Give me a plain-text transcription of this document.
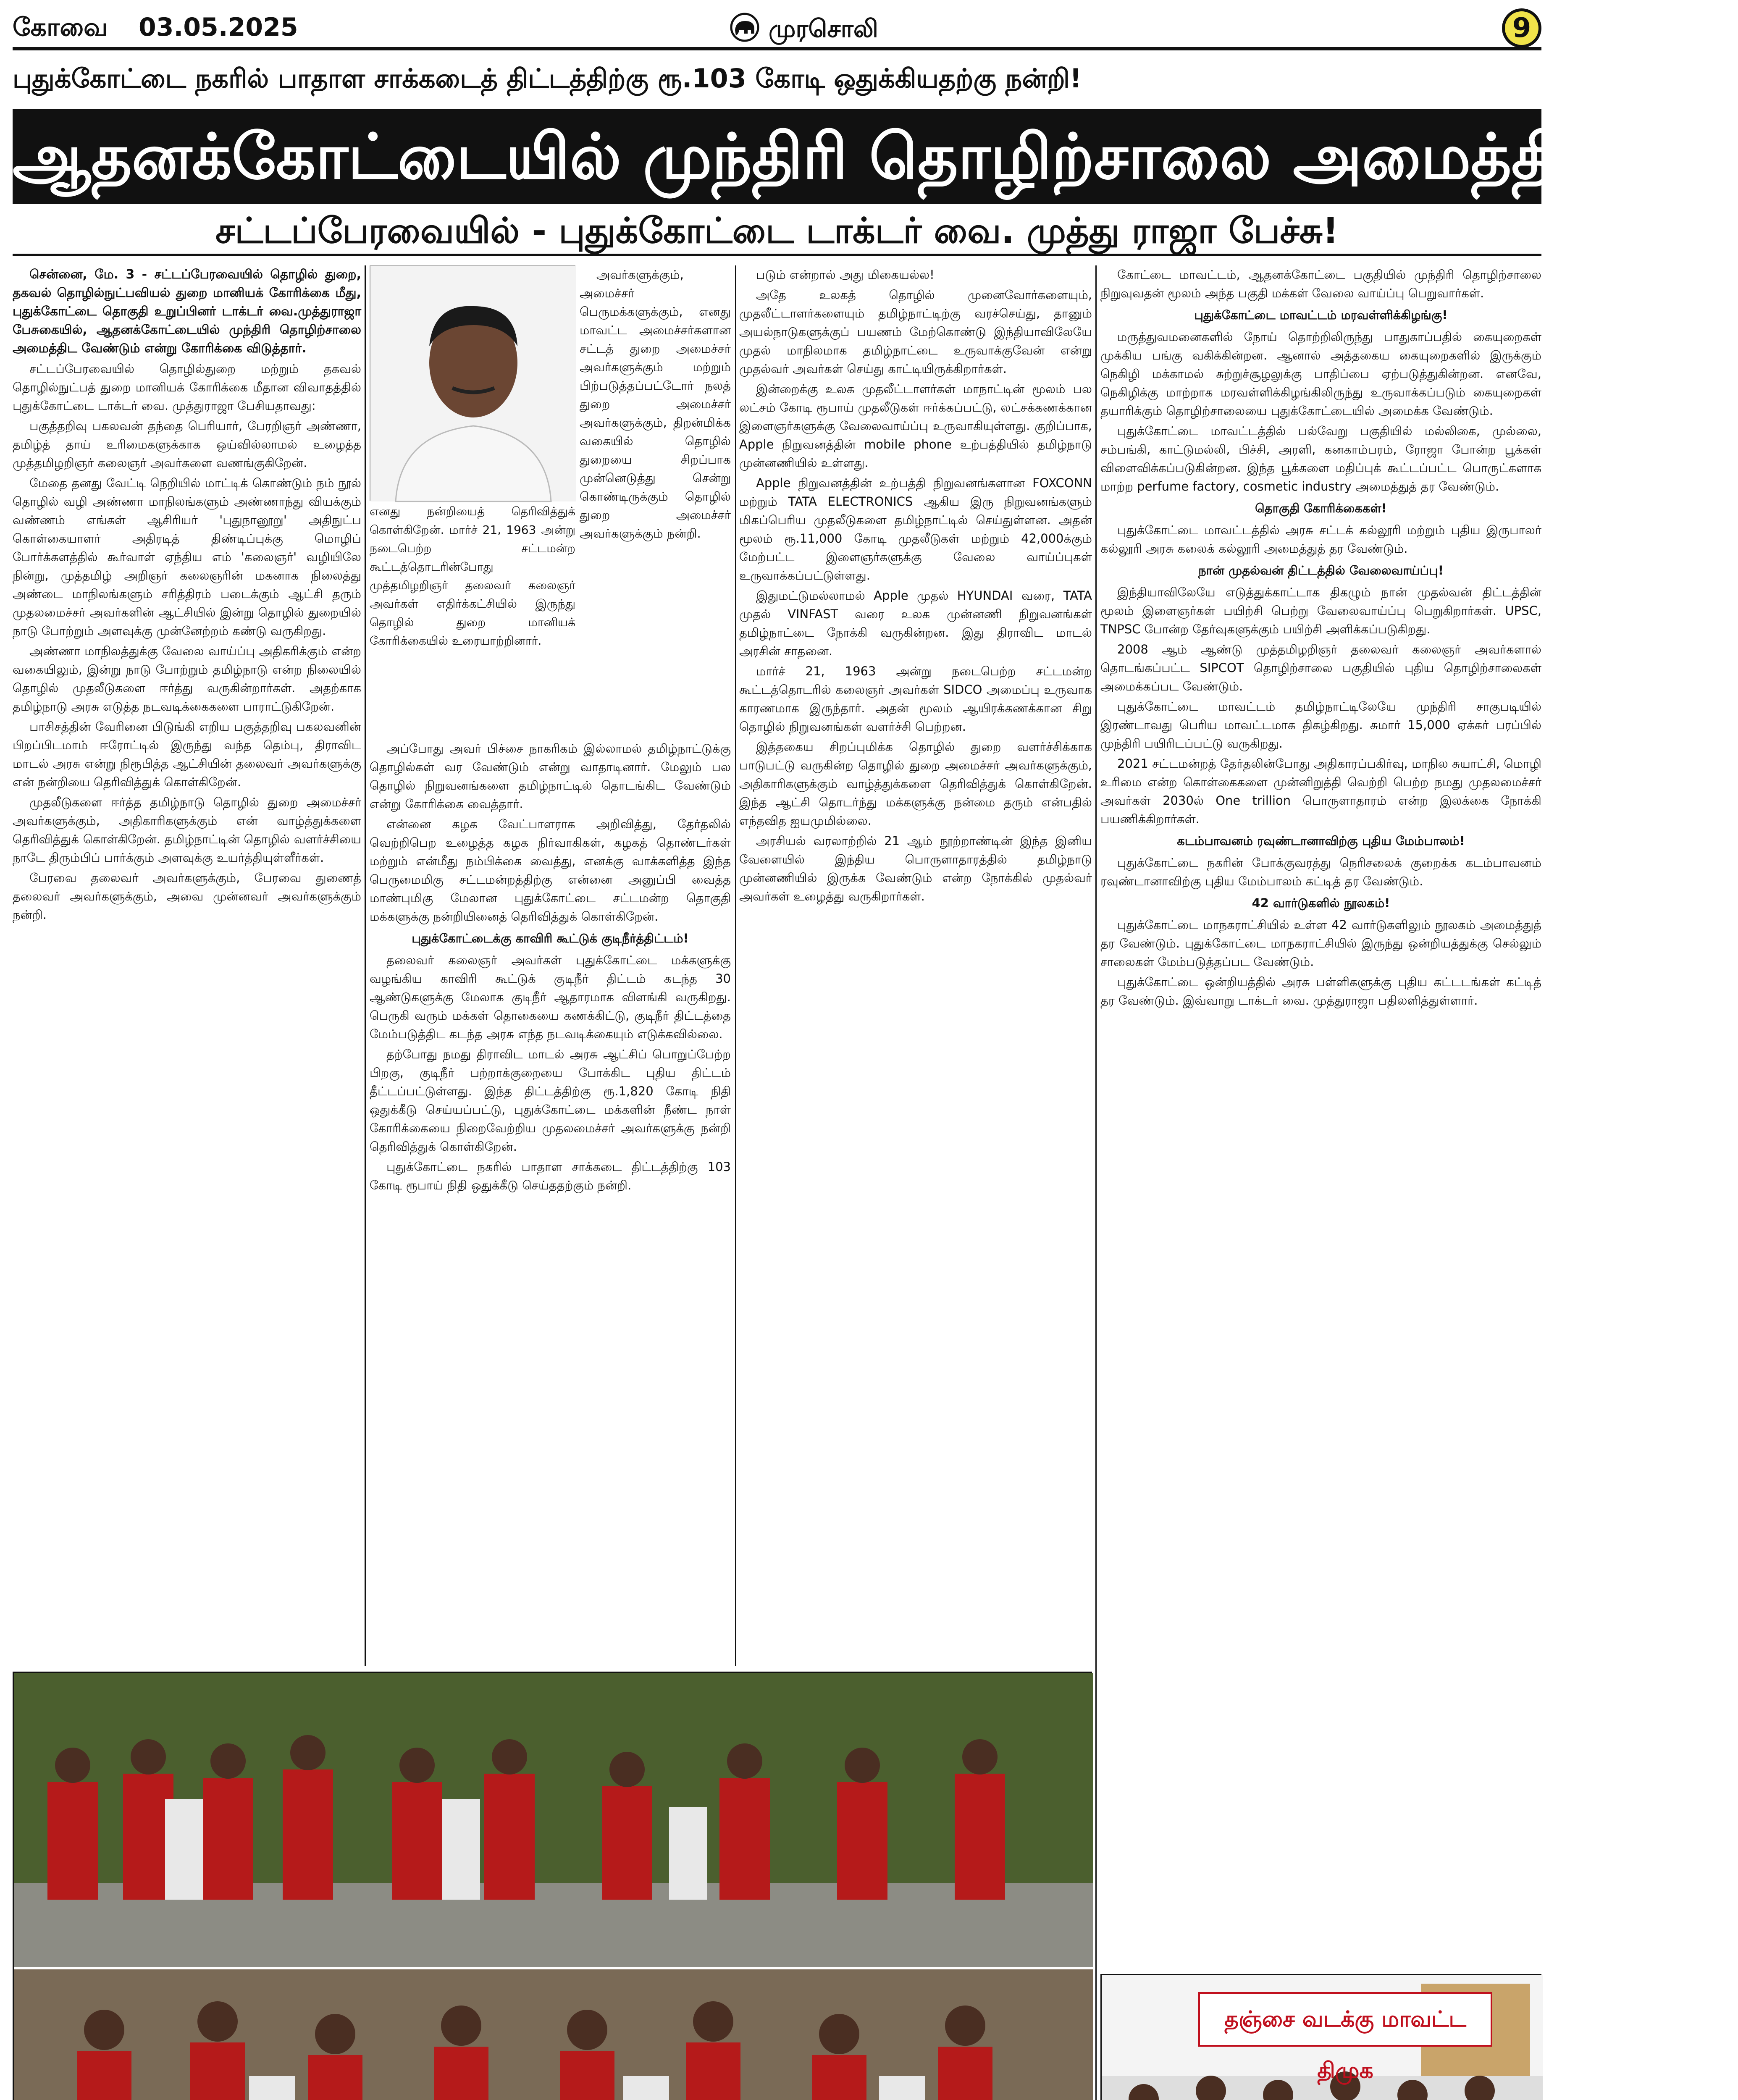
கோவை 03.05.2025	முரசொலி	9
புதுக்கோட்டை நகரில் பாதாள சாக்கடைத் திட்டத்திற்கு ரூ.103 கோடி ஒதுக்கியதற்கு நன்றி!
ஆதனக்கோட்டையில் முந்திரி தொழிற்சாலை அமைத்திடுவீர்!
சட்டப்பேரவையில் - புதுக்கோட்டை டாக்டர் வை. முத்து ராஜா பேச்சு!

சென்னை, மே. 3 - சட்டப்பேரவையில் தொழில் துறை, தகவல் தொழில்நுட்பவியல் துறை மானியக் கோரிக்கை மீது, புதுக்கோட்டை தொகுதி உறுப்பினர் டாக்டர் வை.முத்துராஜா பேசுகையில், ஆதனக்கோட்டையில் முந்திரி தொழிற்சாலை அமைத்திட வேண்டும் என்று கோரிக்கை விடுத்தார்.

சட்டப்பேரவையில் தொழில்துறை மற்றும் தகவல் தொழில்நுட்பத் துறை மானியக் கோரிக்கை மீதான விவாதத்தில் புதுக்கோட்டை டாக்டர் வை. முத்துராஜா பேசியதாவது:

பகுத்தறிவு பகலவன் தந்தை பெரியார், பேரறிஞர் அண்ணா, தமிழ்த் தாய் உரிமைகளுக்காக ஒய்வில்லாமல் உழைத்த முத்தமிழறிஞர் கலைஞர் அவர்களை வணங்குகிறேன்.

மேதை தனது வேட்டி நெறியில் மாட்டிக் கொண்டும் நம் நூல் தொழில் வழி அண்ணா மாநிலங்களும் அண்ணாந்து வியக்கும் வண்ணம் எங்கள் ஆசிரியர் 'புதுநானூறு' அதிநுட்ப கொள்கையாளர் அதிரடித் திண்டிப்புக்கு மொழிப் போர்க்களத்தில் கூர்வாள் ஏந்திய எம் 'கலைஞர்' வழியிலே நின்று, முத்தமிழ் அறிஞர் கலைஞரின் மகனாக நிலைத்து அண்டை மாநிலங்களும் சரித்திரம் படைக்கும் ஆட்சி தரும் முதலமைச்சர் அவர்களின் ஆட்சியில் இன்று தொழில் துறையில் நாடு போற்றும் அளவுக்கு முன்னேற்றம் கண்டு வருகிறது.

அண்ணா மாநிலத்துக்கு வேலை வாய்ப்பு அதிகரிக்கும் என்ற வகையிலும், இன்று நாடு போற்றும் தமிழ்நாடு என்ற நிலையில் தொழில் முதலீடுகளை ஈர்த்து வருகின்றார்கள். அதற்காக தமிழ்நாடு அரசு எடுத்த நடவடிக்கைகளை பாராட்டுகிறேன்.

பாசிசத்தின் வேரினை பிடுங்கி எறிய பகுத்தறிவு பகலவனின் பிறப்பிடமாம் ஈரோட்டில் இருந்து வந்த தெம்பு, திராவிட மாடல் அரசு என்று நிரூபித்த ஆட்சியின் தலைவர் அவர்களுக்கு என் நன்றியை தெரிவித்துக் கொள்கிறேன்.

முதலீடுகளை ஈர்த்த தமிழ்நாடு தொழில் துறை அமைச்சர் அவர்களுக்கும், அதிகாரிகளுக்கும் என் வாழ்த்துக்களை தெரிவித்துக் கொள்கிறேன். தமிழ்நாட்டின் தொழில் வளர்ச்சியை நாடே திரும்பிப் பார்க்கும் அளவுக்கு உயர்த்தியுள்ளீர்கள்.

பேரவை தலைவர் அவர்களுக்கும், பேரவை துணைத் தலைவர் அவர்களுக்கும், அவை முன்னவர் அவர்களுக்கும் நன்றி.

எனது நன்றியைத் தெரிவித்துக் கொள்கிறேன். மார்ச் 21, 1963 அன்று நடைபெற்ற சட்டமன்ற கூட்டத்தொடரின்போது முத்தமிழறிஞர் தலைவர் கலைஞர் அவர்கள் எதிர்க்கட்சியில் இருந்து தொழில் துறை மானியக் கோரிக்கையில் உரையாற்றினார்.

அவர்களுக்கும், அமைச்சர் பெருமக்களுக்கும், எனது மாவட்ட அமைச்சர்களான சட்டத் துறை அமைச்சர் அவர்களுக்கும் மற்றும் பிற்படுத்தப்பட்டோர் நலத் துறை அமைச்சர் அவர்களுக்கும், திறன்மிக்க வகையில் தொழில் துறையை சிறப்பாக முன்னெடுத்து சென்று கொண்டிருக்கும் தொழில் துறை அமைச்சர் அவர்களுக்கும் நன்றி.

அப்போது அவர் பிச்சை நாகரிகம் இல்லாமல் தமிழ்நாட்டுக்கு தொழில்கள் வர வேண்டும் என்று வாதாடினார். மேலும் பல தொழில் நிறுவனங்களை தமிழ்நாட்டில் தொடங்கிட வேண்டும் என்று கோரிக்கை வைத்தார்.

என்னை கழக வேட்பாளராக அறிவித்து, தேர்தலில் வெற்றிபெற உழைத்த கழக நிர்வாகிகள், கழகத் தொண்டர்கள் மற்றும் என்மீது நம்பிக்கை வைத்து, எனக்கு வாக்களித்த இந்த பெருமைமிகு சட்டமன்றத்திற்கு என்னை அனுப்பி வைத்த மாண்புமிகு மேலான புதுக்கோட்டை சட்டமன்ற தொகுதி மக்களுக்கு நன்றியினைத் தெரிவித்துக் கொள்கிறேன்.

புதுக்கோட்டைக்கு காவிரி கூட்டுக் குடிநீர்த்திட்டம்!

தலைவர் கலைஞர் அவர்கள் புதுக்கோட்டை மக்களுக்கு வழங்கிய காவிரி கூட்டுக் குடிநீர் திட்டம் கடந்த 30 ஆண்டுகளுக்கு மேலாக குடிநீர் ஆதாரமாக விளங்கி வருகிறது. பெருகி வரும் மக்கள் தொகையை கணக்கிட்டு, குடிநீர் திட்டத்தை மேம்படுத்திட கடந்த அரசு எந்த நடவடிக்கையும் எடுக்கவில்லை.

தற்போது நமது திராவிட மாடல் அரசு ஆட்சிப் பொறுப்பேற்ற பிறகு, குடிநீர் பற்றாக்குறையை போக்கிட புதிய திட்டம் தீட்டப்பட்டுள்ளது. இந்த திட்டத்திற்கு ரூ.1,820 கோடி நிதி ஒதுக்கீடு செய்யப்பட்டு, புதுக்கோட்டை மக்களின் நீண்ட நாள் கோரிக்கையை நிறைவேற்றிய முதலமைச்சர் அவர்களுக்கு நன்றி தெரிவித்துக் கொள்கிறேன்.

புதுக்கோட்டை நகரில் பாதாள சாக்கடை திட்டத்திற்கு 103 கோடி ரூபாய் நிதி ஒதுக்கீடு செய்ததற்கும் நன்றி.

படும் என்றால் அது மிகையல்ல!

அதே உலகத் தொழில் முனைவோர்களையும், முதலீட்டாளர்களையும் தமிழ்நாட்டிற்கு வரச்செய்து, தானும் அயல்நாடுகளுக்குப் பயணம் மேற்கொண்டு இந்தியாவிலேயே முதல் மாநிலமாக தமிழ்நாட்டை உருவாக்குவேன் என்று முதல்வர் அவர்கள் செய்து காட்டியிருக்கிறார்கள்.

இன்றைக்கு உலக முதலீட்டாளர்கள் மாநாட்டின் மூலம் பல லட்சம் கோடி ரூபாய் முதலீடுகள் ஈர்க்கப்பட்டு, லட்சக்கணக்கான இளைஞர்களுக்கு வேலைவாய்ப்பு உருவாகியுள்ளது. குறிப்பாக, Apple நிறுவனத்தின் mobile phone உற்பத்தியில் தமிழ்நாடு முன்னணியில் உள்ளது.

Apple நிறுவனத்தின் உற்பத்தி நிறுவனங்களான FOXCONN மற்றும் TATA ELECTRONICS ஆகிய இரு நிறுவனங்களும் மிகப்பெரிய முதலீடுகளை தமிழ்நாட்டில் செய்துள்ளன. அதன் மூலம் ரூ.11,000 கோடி முதலீடுகள் மற்றும் 42,000க்கும் மேற்பட்ட இளைஞர்களுக்கு வேலை வாய்ப்புகள் உருவாக்கப்பட்டுள்ளது.

இதுமட்டுமல்லாமல் Apple முதல் HYUNDAI வரை, TATA முதல் VINFAST வரை உலக முன்னணி நிறுவனங்கள் தமிழ்நாட்டை நோக்கி வருகின்றன. இது திராவிட மாடல் அரசின் சாதனை.

மார்ச் 21, 1963 அன்று நடைபெற்ற சட்டமன்ற கூட்டத்தொடரில் கலைஞர் அவர்கள் SIDCO அமைப்பு உருவாக காரணமாக இருந்தார். அதன் மூலம் ஆயிரக்கணக்கான சிறு தொழில் நிறுவனங்கள் வளர்ச்சி பெற்றன.

இத்தகைய சிறப்புமிக்க தொழில் துறை வளர்ச்சிக்காக பாடுபட்டு வருகின்ற தொழில் துறை அமைச்சர் அவர்களுக்கும், அதிகாரிகளுக்கும் வாழ்த்துக்களை தெரிவித்துக் கொள்கிறேன். இந்த ஆட்சி தொடர்ந்து மக்களுக்கு நன்மை தரும் என்பதில் எந்தவித ஐயமுமில்லை.

அரசியல் வரலாற்றில் 21 ஆம் நூற்றாண்டின் இந்த இனிய வேளையில் இந்திய பொருளாதாரத்தில் தமிழ்நாடு முன்னணியில் இருக்க வேண்டும் என்ற நோக்கில் முதல்வர் அவர்கள் உழைத்து வருகிறார்கள்.

கோட்டை மாவட்டம், ஆதனக்கோட்டை பகுதியில் முந்திரி தொழிற்சாலை நிறுவுவதன் மூலம் அந்த பகுதி மக்கள் வேலை வாய்ப்பு பெறுவார்கள்.

புதுக்கோட்டை மாவட்டம் மரவள்ளிக்கிழங்கு!

மருத்துவமனைகளில் நோய் தொற்றிலிருந்து பாதுகாப்பதில் கையுறைகள் முக்கிய பங்கு வகிக்கின்றன. ஆனால் அத்தகைய கையுறைகளில் இருக்கும் நெகிழி மக்காமல் சுற்றுச்சூழலுக்கு பாதிப்பை ஏற்படுத்துகின்றன. எனவே, நெகிழிக்கு மாற்றாக மரவள்ளிக்கிழங்கிலிருந்து உருவாக்கப்படும் கையுறைகள் தயாரிக்கும் தொழிற்சாலையை புதுக்கோட்டையில் அமைக்க வேண்டும்.

புதுக்கோட்டை மாவட்டத்தில் பல்வேறு பகுதியில் மல்லிகை, முல்லை, சம்பங்கி, காட்டுமல்லி, பிச்சி, அரளி, கனகாம்பரம், ரோஜா போன்ற பூக்கள் விளைவிக்கப்படுகின்றன. இந்த பூக்களை மதிப்புக் கூட்டப்பட்ட பொருட்களாக மாற்ற perfume factory, cosmetic industry அமைத்துத் தர வேண்டும்.

தொகுதி கோரிக்கைகள்!

புதுக்கோட்டை மாவட்டத்தில் அரசு சட்டக் கல்லூரி மற்றும் புதிய இருபாலர் கல்லூரி அரசு கலைக் கல்லூரி அமைத்துத் தர வேண்டும்.

நான் முதல்வன் திட்டத்தில் வேலைவாய்ப்பு!

இந்தியாவிலேயே எடுத்துக்காட்டாக திகழும் நான் முதல்வன் திட்டத்தின் மூலம் இளைஞர்கள் பயிற்சி பெற்று வேலைவாய்ப்பு பெறுகிறார்கள். UPSC, TNPSC போன்ற தேர்வுகளுக்கும் பயிற்சி அளிக்கப்படுகிறது.

2008 ஆம் ஆண்டு முத்தமிழறிஞர் தலைவர் கலைஞர் அவர்களால் தொடங்கப்பட்ட SIPCOT தொழிற்சாலை பகுதியில் புதிய தொழிற்சாலைகள் அமைக்கப்பட வேண்டும்.

புதுக்கோட்டை மாவட்டம் தமிழ்நாட்டிலேயே முந்திரி சாகுபடியில் இரண்டாவது பெரிய மாவட்டமாக திகழ்கிறது. சுமார் 15,000 ஏக்கர் பரப்பில் முந்திரி பயிரிடப்பட்டு வருகிறது.

2021 சட்டமன்றத் தேர்தலின்போது அதிகாரப்பகிர்வு, மாநில சுயாட்சி, மொழி உரிமை என்ற கொள்கைகளை முன்னிறுத்தி வெற்றி பெற்ற நமது முதலமைச்சர் அவர்கள் 2030ல் One trillion பொருளாதாரம் என்ற இலக்கை நோக்கி பயணிக்கிறார்கள்.

கடம்பாவனம் ரவுண்டானாவிற்கு புதிய மேம்பாலம்!

புதுக்கோட்டை நகரின் போக்குவரத்து நெரிசலைக் குறைக்க கடம்பாவனம் ரவுண்டானாவிற்கு புதிய மேம்பாலம் கட்டித் தர வேண்டும்.

42 வார்டுகளில் நூலகம்!

புதுக்கோட்டை மாநகராட்சியில் உள்ள 42 வார்டுகளிலும் நூலகம் அமைத்துத் தர வேண்டும். புதுக்கோட்டை மாநகராட்சியில் இருந்து ஒன்றியத்துக்கு செல்லும் சாலைகள் மேம்படுத்தப்பட வேண்டும்.

புதுக்கோட்டை ஒன்றியத்தில் அரசு பள்ளிகளுக்கு புதிய கட்டடங்கள் கட்டித் தர வேண்டும். இவ்வாறு டாக்டர் வை. முத்துராஜா பதிலளித்துள்ளார்.

தஞ்சை வடக்கு மாவட்ட திமுக
